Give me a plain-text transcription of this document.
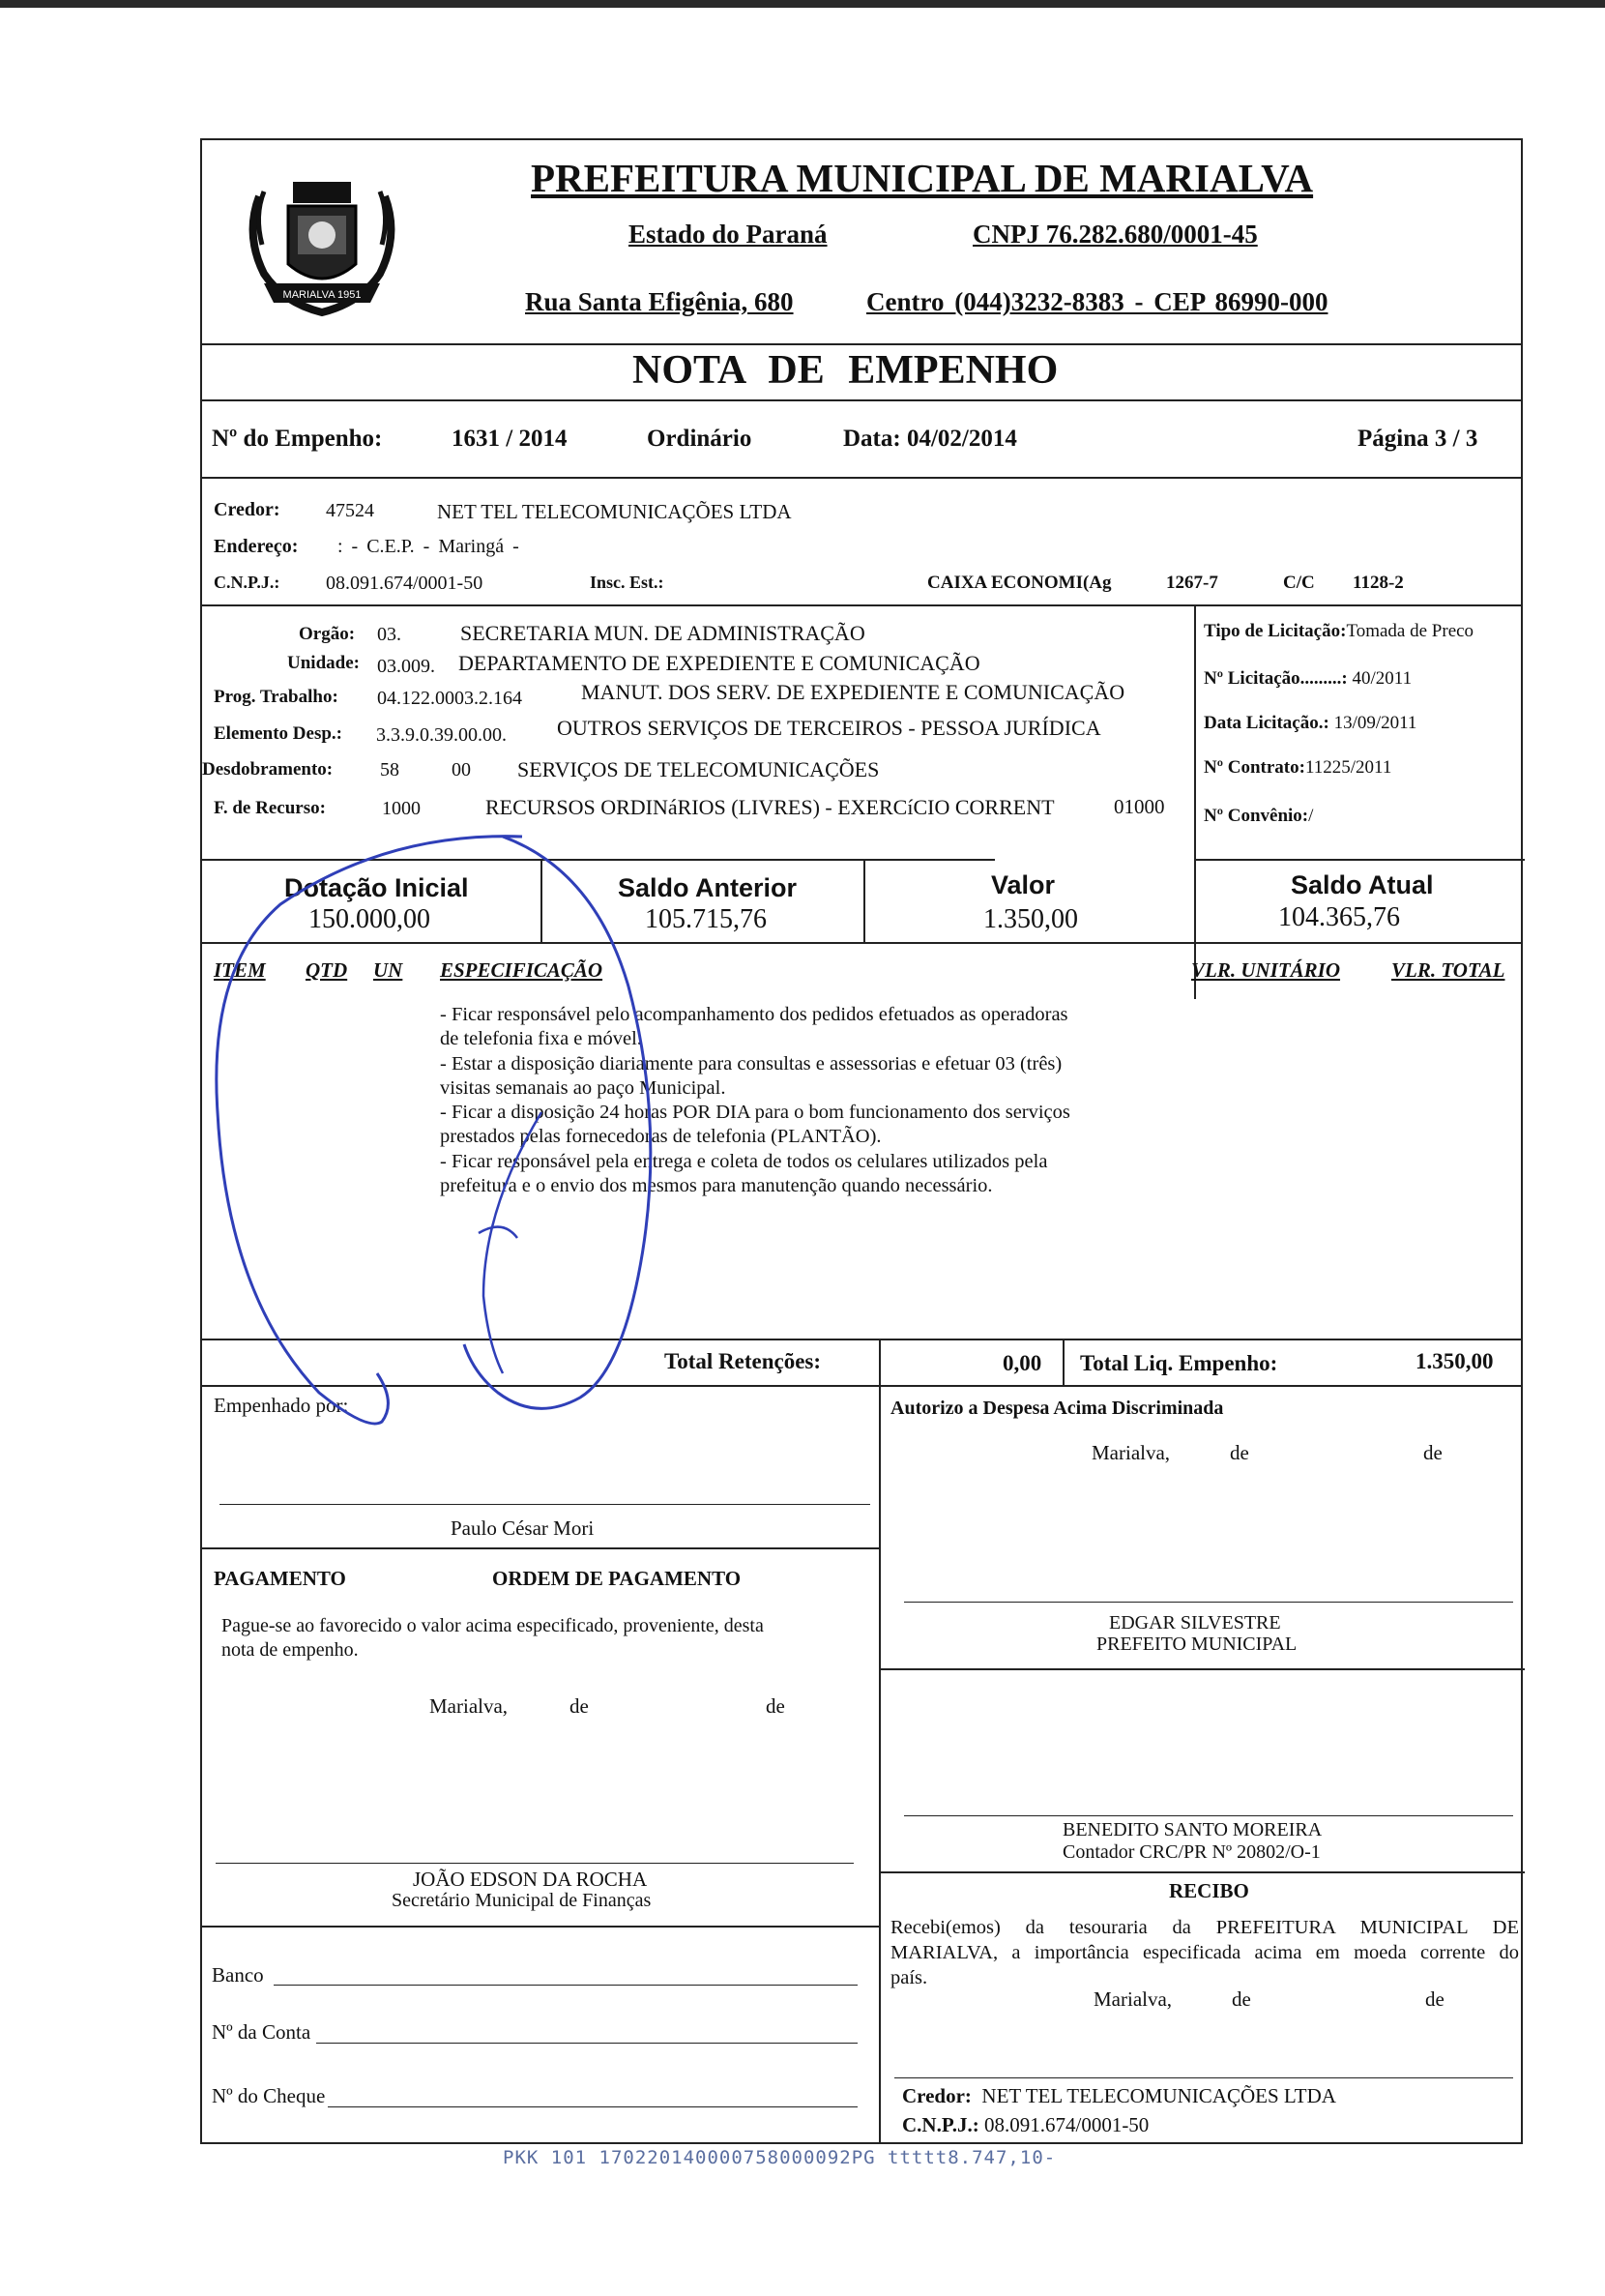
MARIALVA 1951
PREFEITURA MUNICIPAL DE MARIALVA
Estado do Paraná	CNPJ 76.282.680/0001-45
Rua Santa Efigênia, 680	Centro (044)3232-8383 - CEP 86990-000
NOTA DE EMPENHO
Nº do Empenho:	1631 / 2014	Ordinário	Data: 04/02/2014	Página 3 / 3
Credor: 47524	NET TEL TELECOMUNICAÇÕES LTDA
Endereço: : - C.E.P. - Maringá -
C.N.P.J.: 08.091.674/0001-50	Insc. Est.:	CAIXA ECONOMI(Ag	1267-7	C/C 1128-2
Orgão: 03.	SECRETARIA MUN. DE ADMINISTRAÇÃO
Unidade: 03.009. DEPARTAMENTO DE EXPEDIENTE E COMUNICAÇÃO
Prog. Trabalho: 04.122.0003.2.164	MANUT. DOS SERV. DE EXPEDIENTE E COMUNICAÇÃO
Elemento Desp.: 3.3.9.0.39.00.00. OUTROS SERVIÇOS DE TERCEIROS - PESSOA JURÍDICA
Desdobramento: 58	00 SERVIÇOS DE TELECOMUNICAÇÕES
F. de Recurso:	1000	RECURSOS ORDINáRIOS (LIVRES) - EXERCíCIO CORRENT	01000
Tipo de Licitação:Tomada de Preco
Nº Licitação.........: 40/2011
Data Licitação.: 13/09/2011
Nº Contrato:11225/2011
Nº Convênio:/
Dotação Inicial
150.000,00
Saldo Anterior
105.715,76
Valor
1.350,00
Saldo Atual
104.365,76
ITEM QTD UN ESPECIFICAÇÃO	VLR. UNITÁRIO	VLR. TOTAL
- Ficar responsável pelo acompanhamento dos pedidos efetuados as operadoras
de telefonia fixa e móvel.
- Estar a disposição diariamente para consultas e assessorias e efetuar 03 (três)
visitas semanais ao paço Municipal.
- Ficar a disposição 24 horas POR DIA para o bom funcionamento dos serviços
prestados pelas fornecedoras de telefonia (PLANTÃO).
- Ficar responsável pela entrega e coleta de todos os celulares utilizados pela
prefeitura e o envio dos mesmos para manutenção quando necessário.
Total Retenções:	0,00 Total Liq. Empenho:	1.350,00
Empenhado por:	Autorizo a Despesa Acima Discriminada
Marialva,	de	de
Paulo César Mori
PAGAMENTO	ORDEM DE PAGAMENTO
Pague-se ao favorecido o valor acima especificado, proveniente, desta
nota de empenho.
Marialva,	de	de
EDGAR SILVESTRE
PREFEITO MUNICIPAL
BENEDITO SANTO MOREIRA
Contador CRC/PR Nº 20802/O-1
JOÃO EDSON DA ROCHA
Secretário Municipal de Finanças	RECIBO
Recebi(emos) da tesouraria da PREFEITURA MUNICIPAL DE
MARIALVA, a importância especificada acima em moeda corrente do
país.
Marialva,	de	de
Banco
Nº da Conta
Nº do Cheque	Credor: NET TEL TELECOMUNICAÇÕES LTDA
C.N.P.J.: 08.091.674/0001-50
PKK 101 170220140000758000092PG ttttt8.747,10-
